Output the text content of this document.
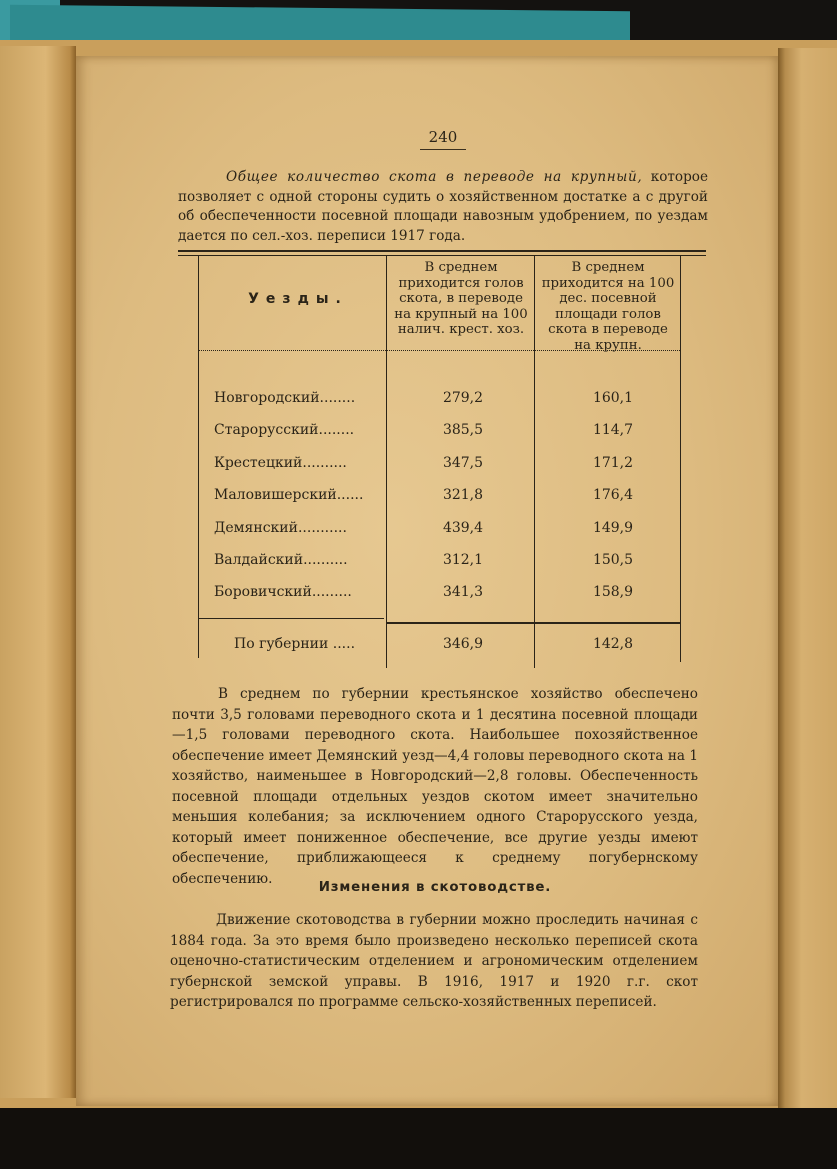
240

Общее количество скота в переводе на крупный, которое позволяет с одной стороны судить о хозяйственном достатке а с другой об обеспеченности посевной площади навозным удобрением, по уездам дается по сел.-хоз. переписи 1917 года.

Уезды.
В среднем приходится голов скота, в переводе на крупный на 100 налич. крест. хоз.
В среднем приходится на 100 дес. посевной площади голов скота в переводе на крупн.
Новгородский........	279,2	160,1
Старорусский........	385,5	114,7
Крестецкий..........	347,5	171,2
Маловишерский......	321,8	176,4
Демянский...........	439,4	149,9
Валдайский..........	312,1	150,5
Боровичский.........	341,3	158,9
По губернии .....	346,9	142,8

В среднем по губернии крестьянское хозяйство обеспечено почти 3,5 головами переводного скота и 1 десятина посевной площади—1,5 головами переводного скота. Наибольшее похозяйственное обеспечение имеет Демянский уезд—4,4 головы переводного скота на 1 хозяйство, наименьшее в Новгородский—2,8 головы. Обеспеченность посевной площади отдельных уездов скотом имеет значительно меньшия колебания; за исключением одного Старорусского уезда, который имеет пониженное обеспечение, все другие уезды имеют обеспечение, приближающееся к среднему погубернскому обеспечению.

Изменения в скотоводстве.

Движение скотоводства в губернии можно проследить начиная с 1884 года. За это время было произведено несколько переписей скота оценочно-статистическим отделением и агрономическим отделением губернской земской управы. В 1916, 1917 и 1920 г.г. скот регистрировался по программе сельско-хозяйственных переписей.
